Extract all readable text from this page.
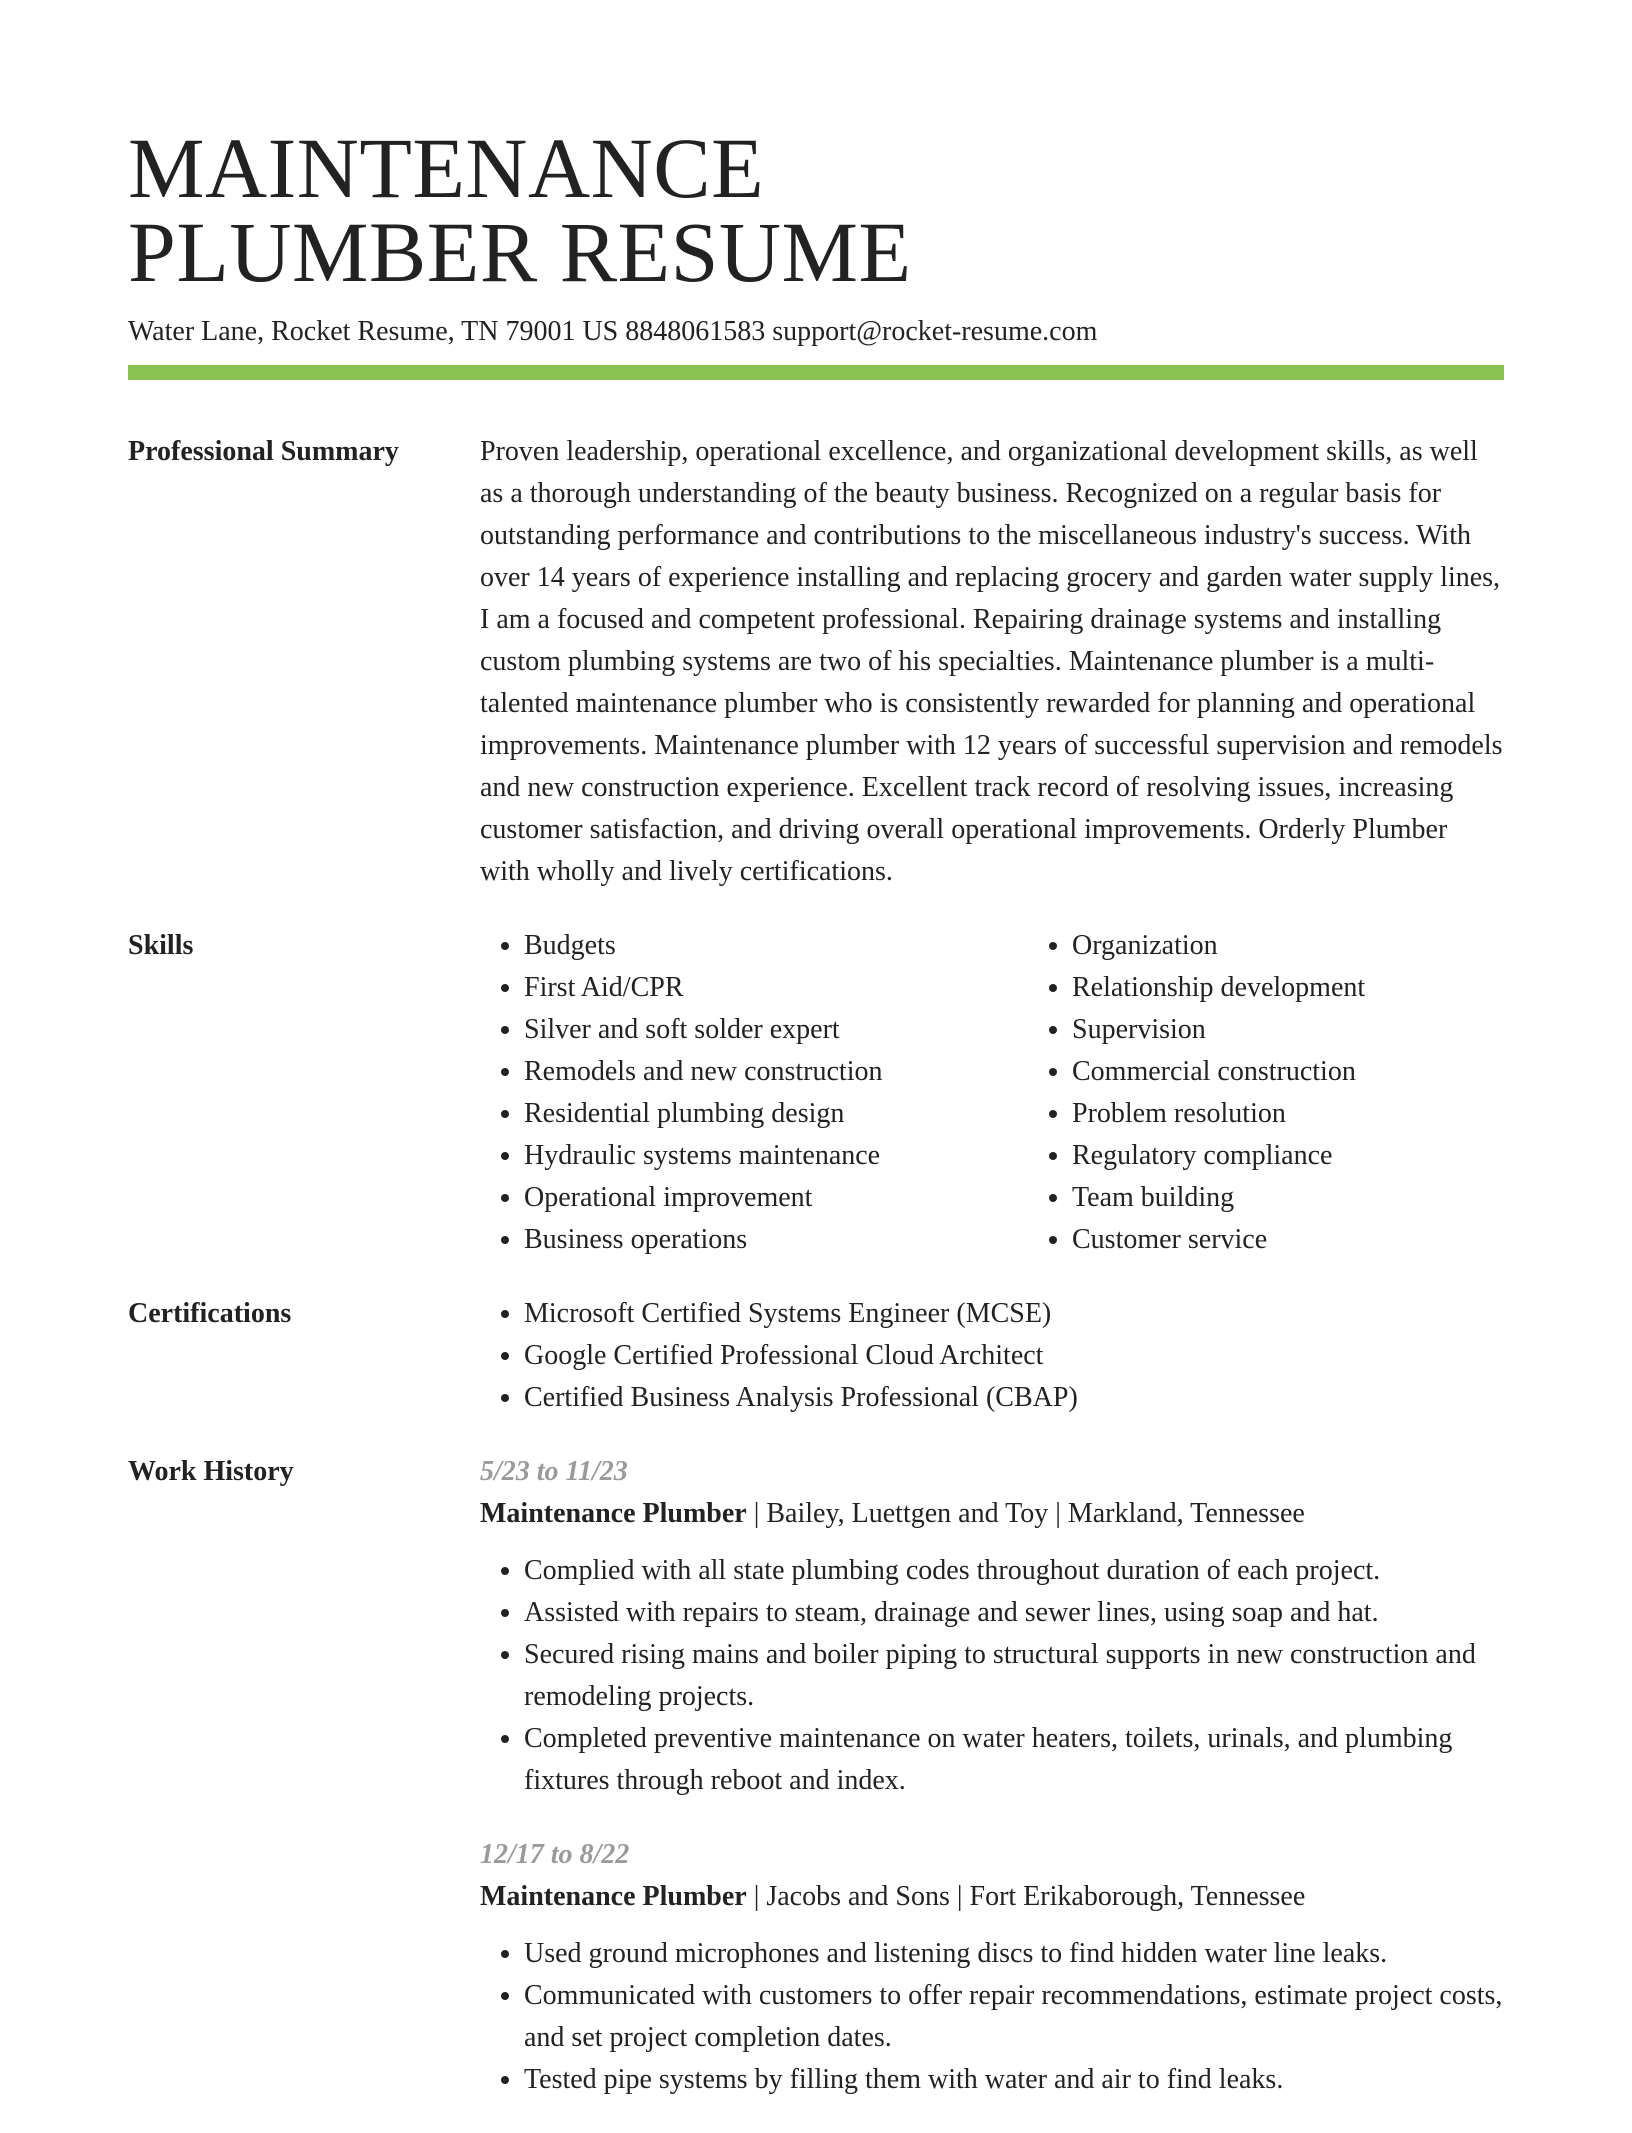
MAINTENANCE
PLUMBER RESUME
Water Lane, Rocket Resume, TN 79001 US 8848061583 support@rocket-resume.com
Professional Summary	Proven leadership, operational excellence, and organizational development skills, as well as a thorough understanding of the beauty business. Recognized on a regular basis for outstanding performance and contributions to the miscellaneous industry's success. With over 14 years of experience installing and replacing grocery and garden water supply lines, I am a focused and competent professional. Repairing drainage systems and installing custom plumbing systems are two of his specialties. Maintenance plumber is a multi-talented maintenance plumber who is consistently rewarded for planning and operational improvements. Maintenance plumber with 12 years of successful supervision and remodels and new construction experience. Excellent track record of resolving issues, increasing customer satisfaction, and driving overall operational improvements. Orderly Plumber with wholly and lively certifications.

Skills	• Budgets
• First Aid/CPR
• Silver and soft solder expert
• Remodels and new construction
• Residential plumbing design
• Hydraulic systems maintenance
• Operational improvement
• Business operations
• Organization
• Relationship development
• Supervision
• Commercial construction
• Problem resolution
• Regulatory compliance
• Team building
• Customer service
Certifications	• Microsoft Certified Systems Engineer (MCSE)
• Google Certified Professional Cloud Architect
• Certified Business Analysis Professional (CBAP)
Work History	5/23 to 11/23
Maintenance Plumber | Bailey, Luettgen and Toy | Markland, Tennessee
• Complied with all state plumbing codes throughout duration of each project.
• Assisted with repairs to steam, drainage and sewer lines, using soap and hat.
• Secured rising mains and boiler piping to structural supports in new construction and remodeling projects.
• Completed preventive maintenance on water heaters, toilets, urinals, and plumbing fixtures through reboot and index.
12/17 to 8/22
Maintenance Plumber | Jacobs and Sons | Fort Erikaborough, Tennessee
• Used ground microphones and listening discs to find hidden water line leaks.
• Communicated with customers to offer repair recommendations, estimate project costs, and set project completion dates.
• Tested pipe systems by filling them with water and air to find leaks.
